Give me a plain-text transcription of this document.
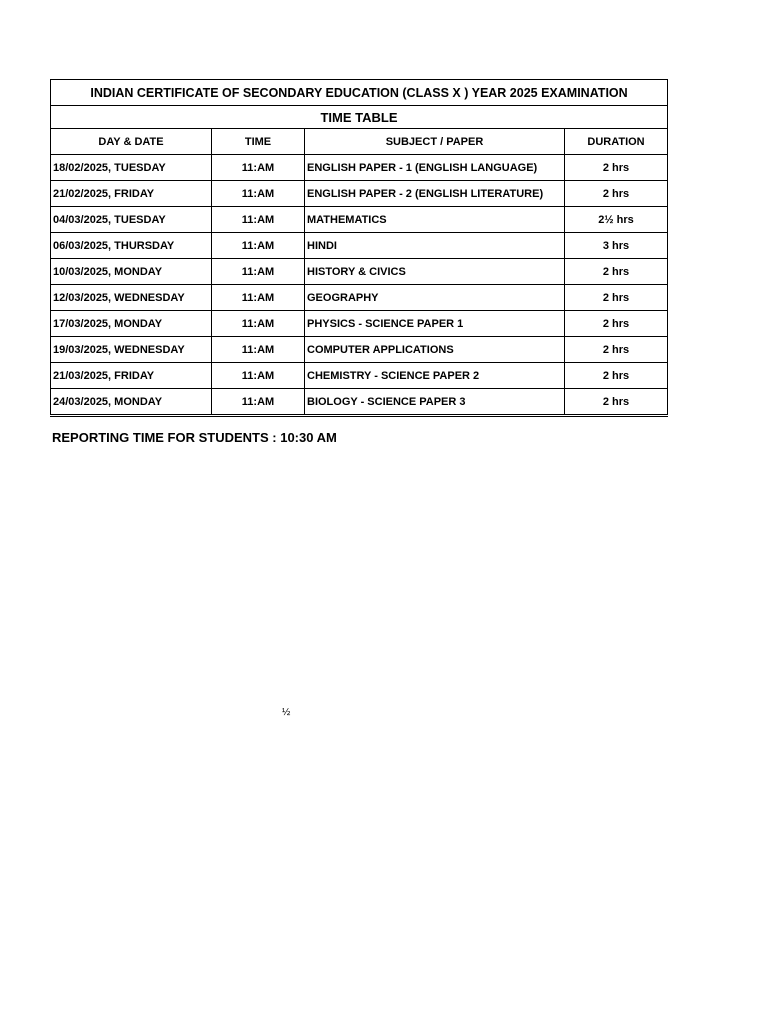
INDIAN CERTIFICATE OF SECONDARY EDUCATION (CLASS X ) YEAR 2025 EXAMINATION			
TIME TABLE			
DAY & DATE	TIME	SUBJECT / PAPER	DURATION
18/02/2025, TUESDAY	11:AM	ENGLISH PAPER - 1 (ENGLISH LANGUAGE)	2 hrs
21/02/2025, FRIDAY	11:AM	ENGLISH PAPER - 2 (ENGLISH LITERATURE)	2 hrs
04/03/2025, TUESDAY	11:AM	MATHEMATICS	2½ hrs
06/03/2025, THURSDAY	11:AM	HINDI	3 hrs
10/03/2025, MONDAY	11:AM	HISTORY & CIVICS	2 hrs
12/03/2025, WEDNESDAY	11:AM	GEOGRAPHY	2 hrs
17/03/2025, MONDAY	11:AM	PHYSICS - SCIENCE PAPER 1	2 hrs
19/03/2025, WEDNESDAY	11:AM	COMPUTER APPLICATIONS	2 hrs
21/03/2025, FRIDAY	11:AM	CHEMISTRY - SCIENCE PAPER 2	2 hrs
24/03/2025, MONDAY	11:AM	BIOLOGY - SCIENCE PAPER 3	2 hrs
REPORTING TIME FOR STUDENTS : 10:30 AM
½
